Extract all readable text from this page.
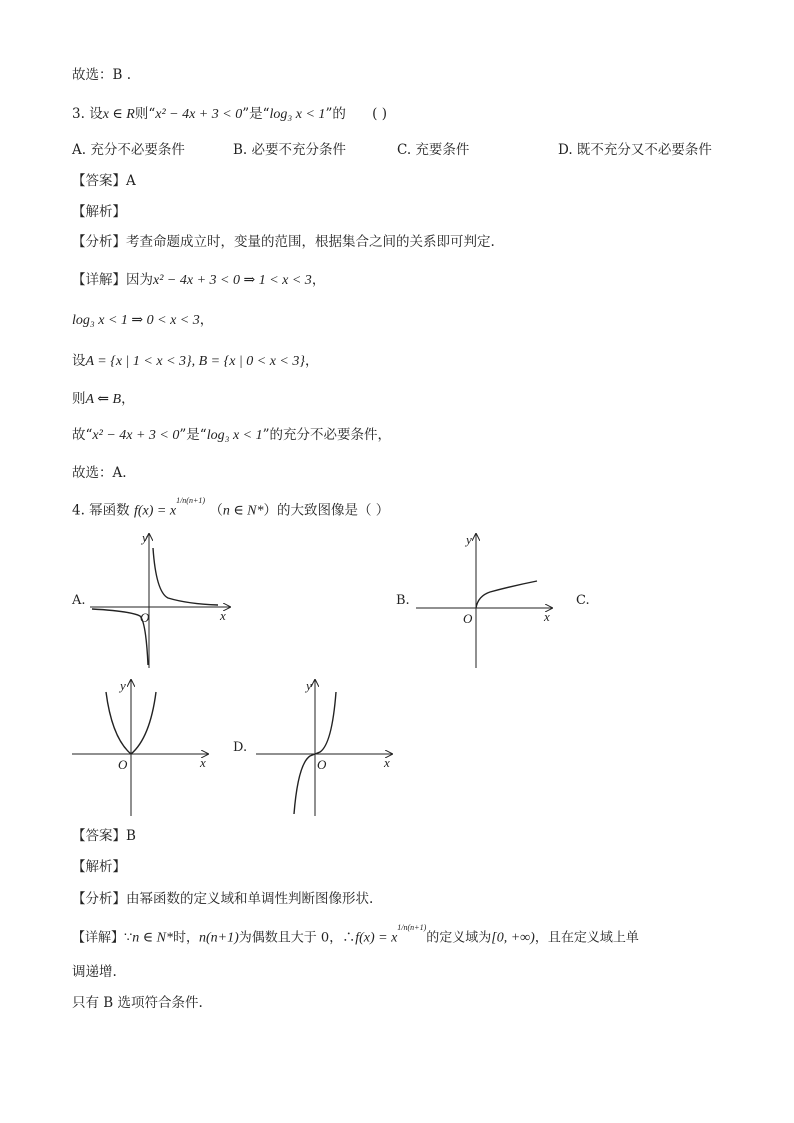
故选：B .
3. 设x ∈ R则“x² − 4x + 3 < 0”是“log₃ x < 1”的 ( )
A. 充分不必要条件	B. 必要不充分条件	C. 充要条件	D. 既不充分又不必要条件
【答案】A
【解析】
【分析】考查命题成立时，变量的范围，根据集合之间的关系即可判定.
【详解】因为x² − 4x + 3 < 0 ⇒ 1 < x < 3，
log₃ x < 1 ⇒ 0 < x < 3，
设A = {x | 1 < x < 3}, B = {x | 0 < x < 3}，
则A ⇐ B，
故“x² − 4x + 3 < 0”是“log₃ x < 1”的充分不必要条件，
故选：A.
4. 幂函数 $f(x) = x^{1/n(n+1)}$ （n ∈ N*）的大致图像是（ ）
A.	B.	C.
D.
x
y
O	x
y
O
x
y
O	x
y
O
【答案】B
【解析】
【分析】由幂函数的定义域和单调性判断图像形状.
【详解】∵n ∈ N*时，n(n+1)为偶数且大于 0，∴f(x) = $x^{1/n(n+1)}$的定义域为[0, +∞)，且在定义域上单
调递增.
只有 B 选项符合条件.
